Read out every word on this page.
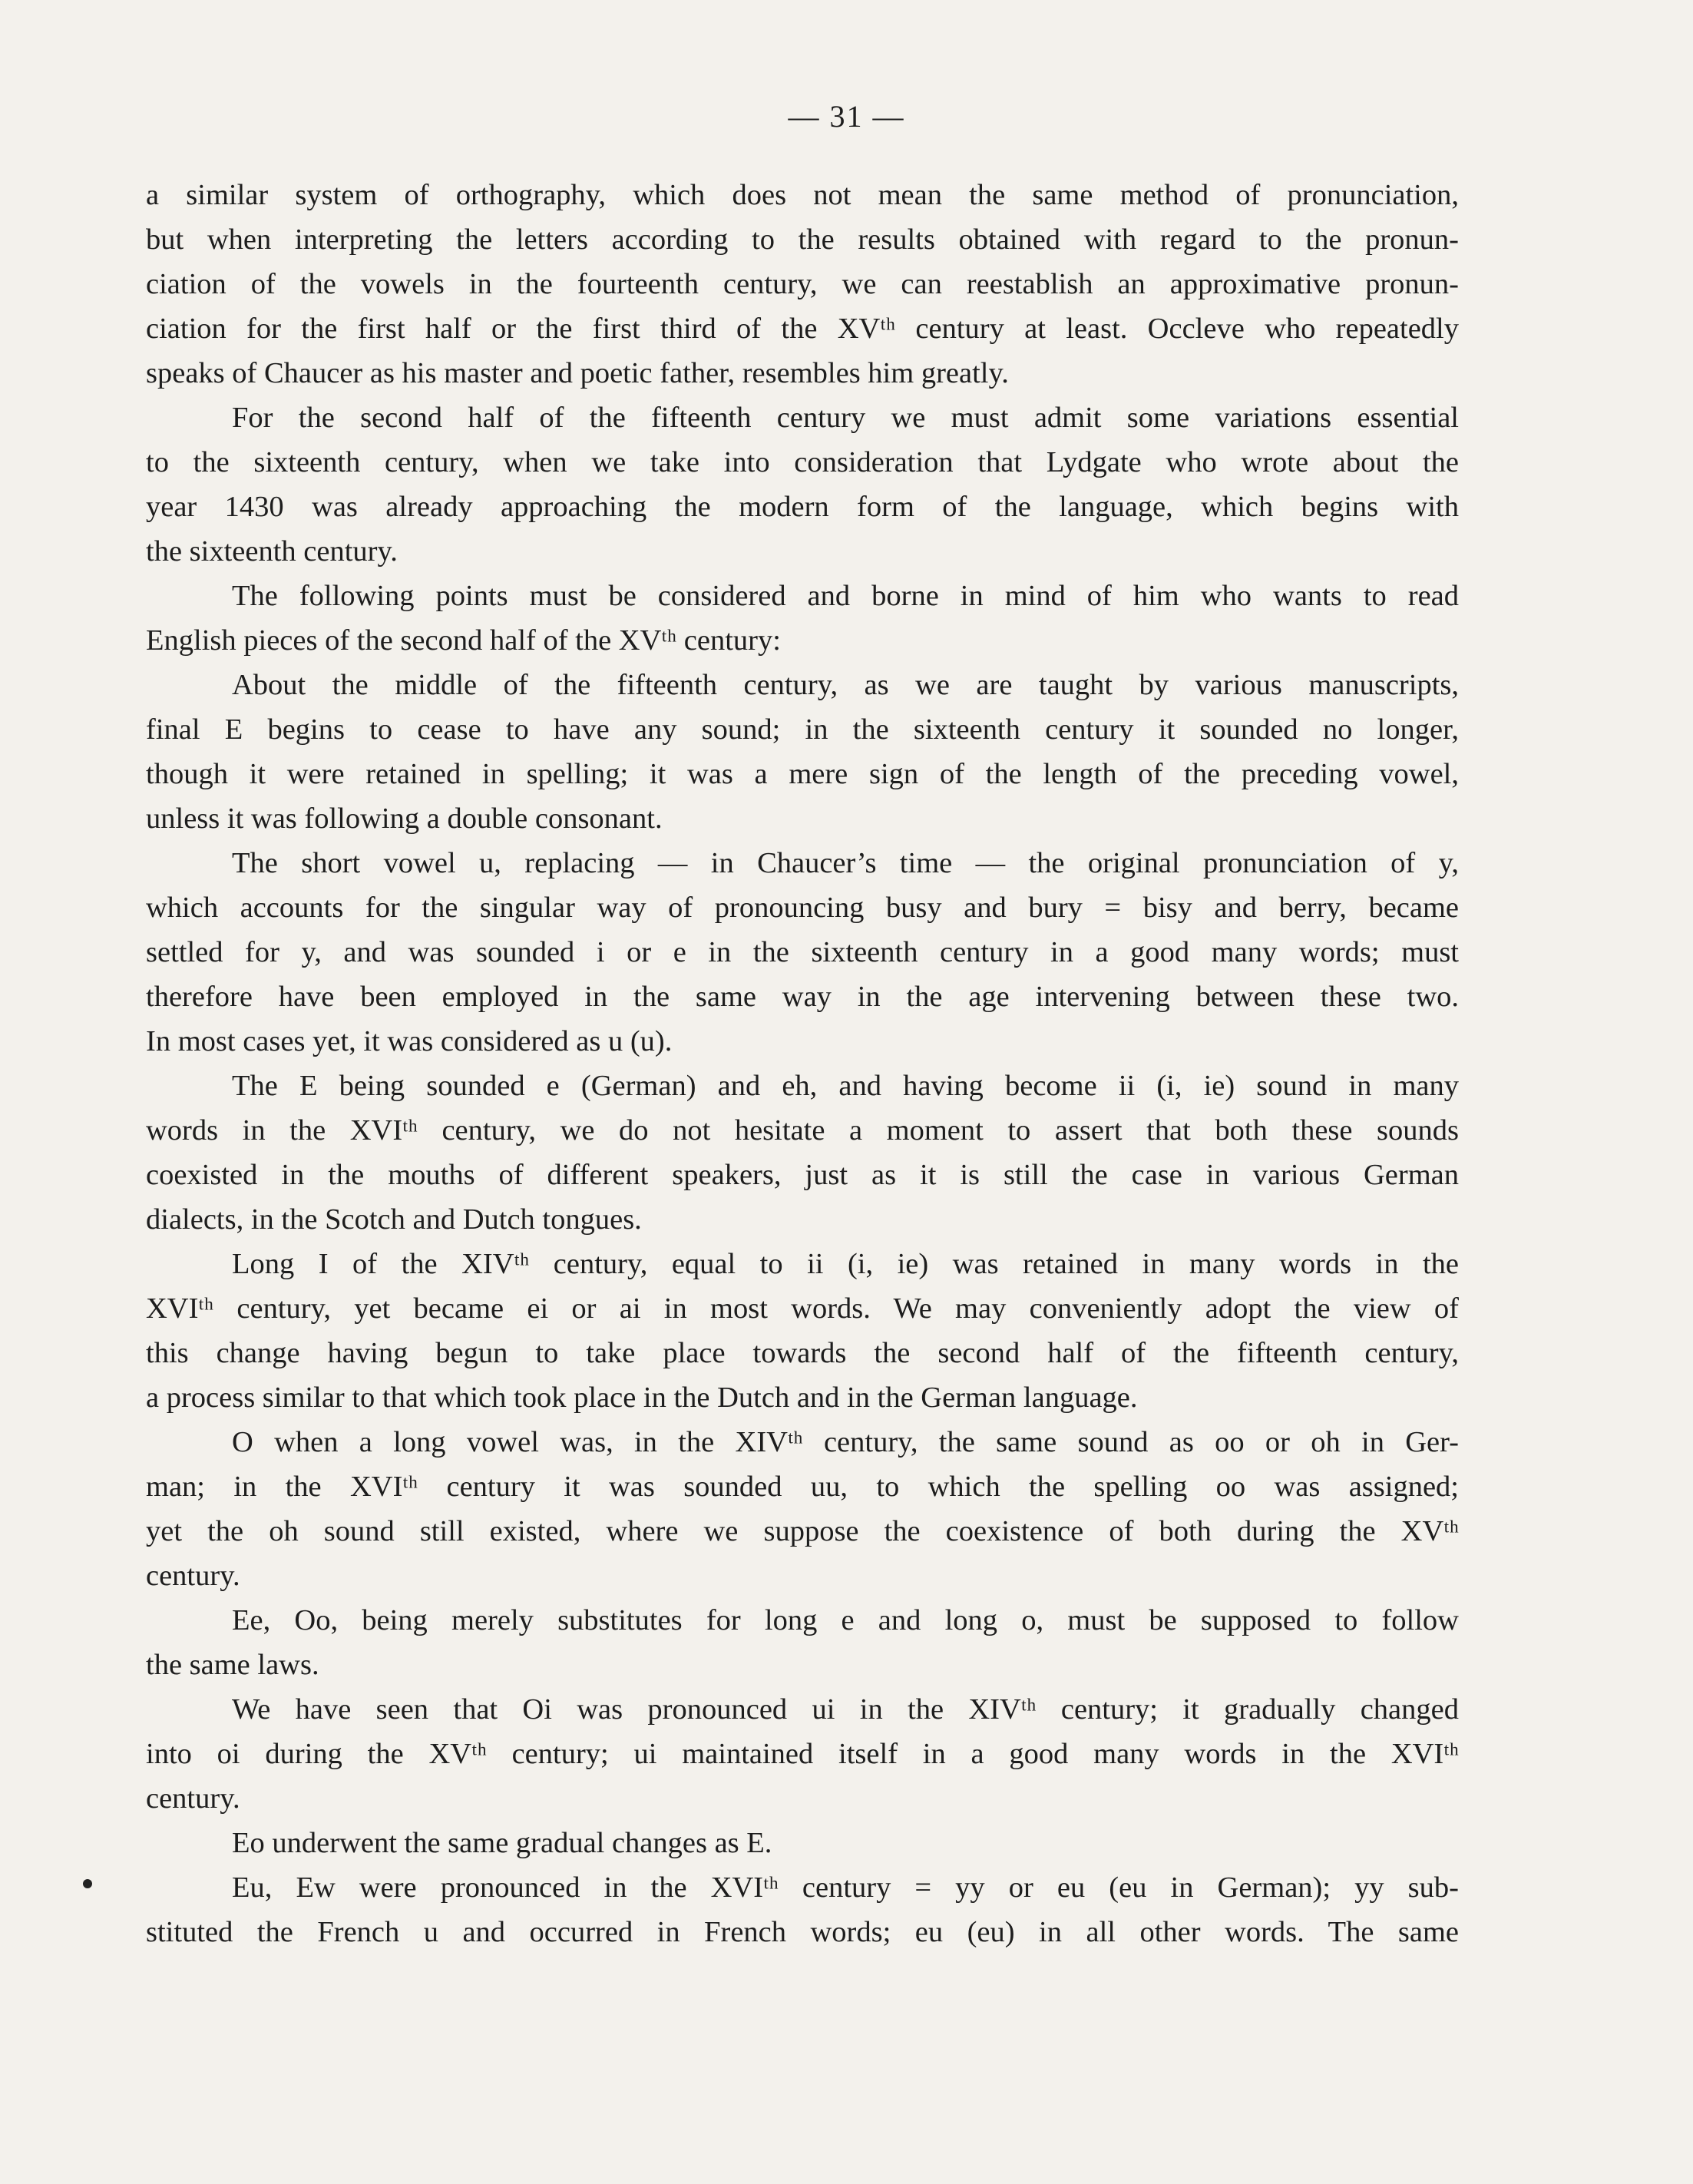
— 31 —
a similar system of orthography, which does not mean the same method of pronunciation,
but when interpreting the letters according to the results obtained with regard to the pronun-
ciation of the vowels in the fourteenth century, we can reestablish an approximative pronun-
ciation for the first half or the first third of the XVᵗʰ century at least. Occleve who repeatedly
speaks of Chaucer as his master and poetic father, resembles him greatly.
For the second half of the fifteenth century we must admit some variations essential
to the sixteenth century, when we take into consideration that Lydgate who wrote about the
year 1430 was already approaching the modern form of the language, which begins with
the sixteenth century.
The following points must be considered and borne in mind of him who wants to read
English pieces of the second half of the XVᵗʰ century:
About the middle of the fifteenth century, as we are taught by various manuscripts,
final E begins to cease to have any sound; in the sixteenth century it sounded no longer,
though it were retained in spelling; it was a mere sign of the length of the preceding vowel,
unless it was following a double consonant.
The short vowel u, replacing — in Chaucer’s time — the original pronunciation of y,
which accounts for the singular way of pronouncing busy and bury = bisy and berry, became
settled for y, and was sounded i or e in the sixteenth century in a good many words; must
therefore have been employed in the same way in the age intervening between these two.
In most cases yet, it was considered as u (u).
The E being sounded e (German) and eh, and having become ii (i, ie) sound in many
words in the XVIᵗʰ century, we do not hesitate a moment to assert that both these sounds
coexisted in the mouths of different speakers, just as it is still the case in various German
dialects, in the Scotch and Dutch tongues.
Long I of the XIVᵗʰ century, equal to ii (i, ie) was retained in many words in the
XVIᵗʰ century, yet became ei or ai in most words. We may conveniently adopt the view of
this change having begun to take place towards the second half of the fifteenth century,
a process similar to that which took place in the Dutch and in the German language.
O when a long vowel was, in the XIVᵗʰ century, the same sound as oo or oh in Ger-
man; in the XVIᵗʰ century it was sounded uu, to which the spelling oo was assigned;
yet the oh sound still existed, where we suppose the coexistence of both during the XVᵗʰ
century.
Ee, Oo, being merely substitutes for long e and long o, must be supposed to follow
the same laws.
We have seen that Oi was pronounced ui in the XIVᵗʰ century; it gradually changed
into oi during the XVᵗʰ century; ui maintained itself in a good many words in the XVIᵗʰ
century.
Eo underwent the same gradual changes as E.
Eu, Ew were pronounced in the XVIᵗʰ century = yy or eu (eu in German); yy sub-
stituted the French u and occurred in French words; eu (eu) in all other words. The same
